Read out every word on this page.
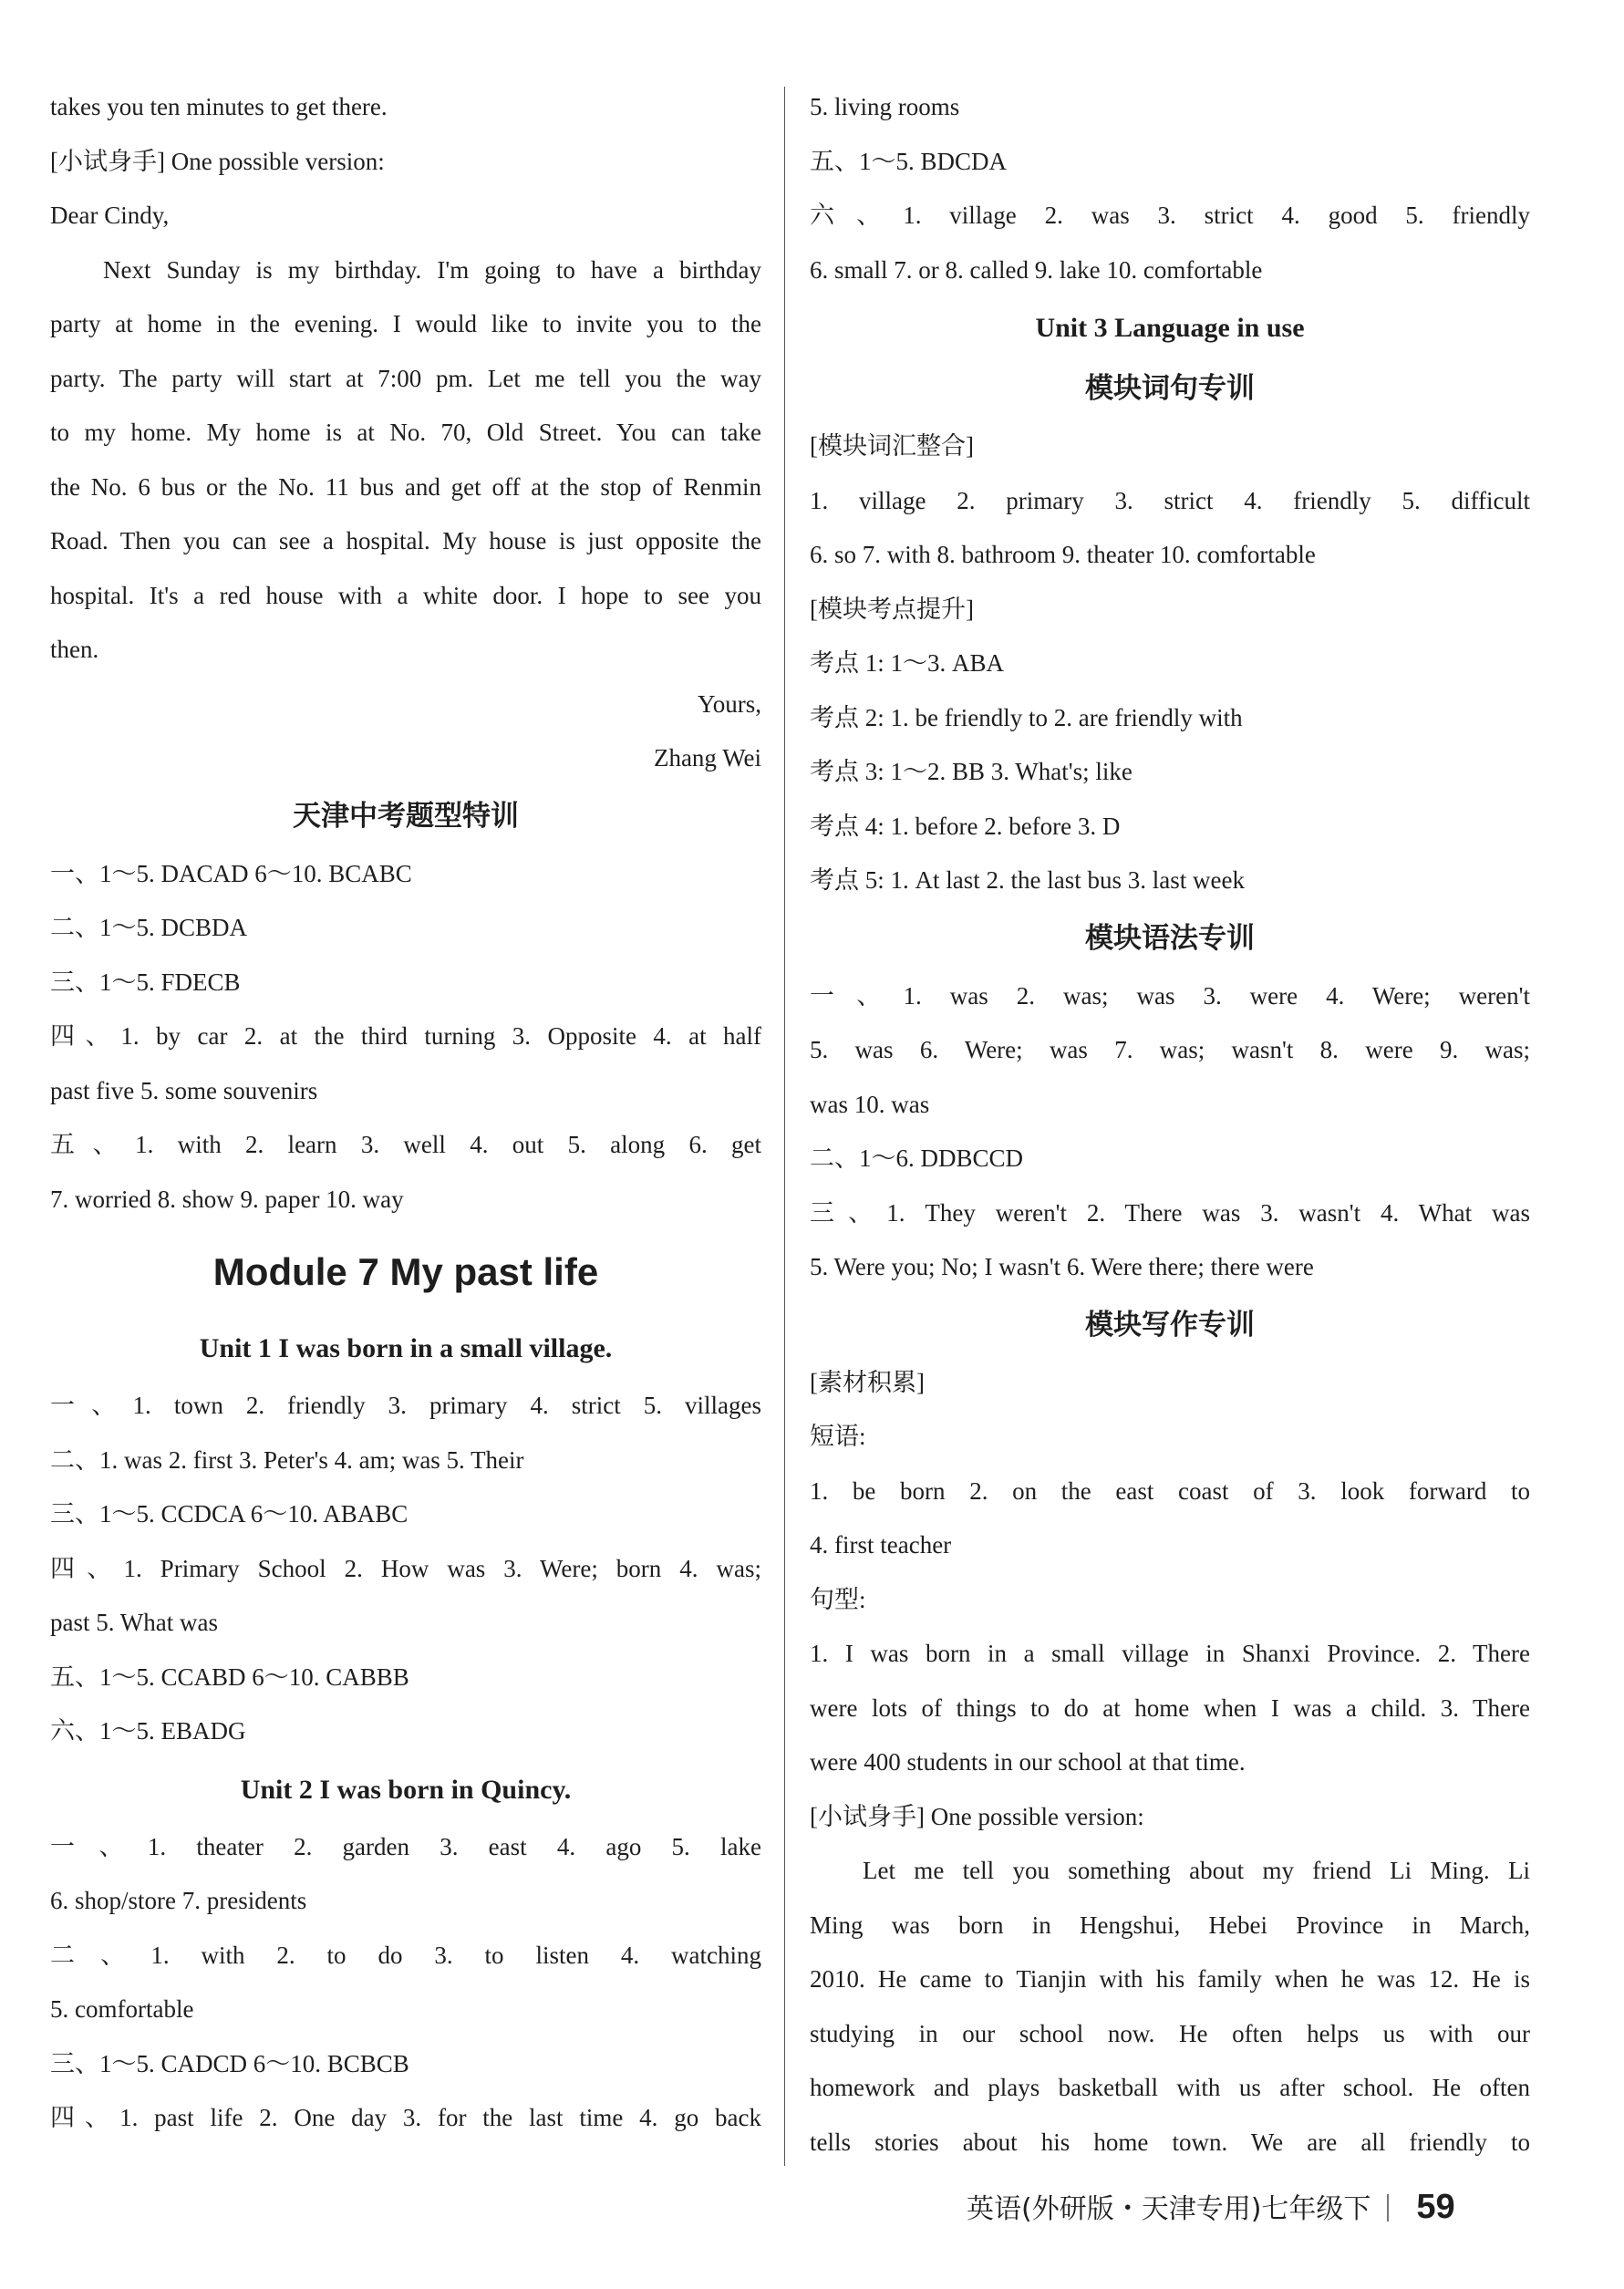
takes you ten minutes to get there.
[小试身手] One possible version:
Dear Cindy,
Next Sunday is my birthday. I'm going to have a birthday
party at home in the evening. I would like to invite you to the
party. The party will start at 7:00 pm. Let me tell you the way
to my home. My home is at No. 70, Old Street. You can take
the No. 6 bus or the No. 11 bus and get off at the stop of Renmin
Road. Then you can see a hospital. My house is just opposite the
hospital. It's a red house with a white door. I hope to see you
then.
Yours,
Zhang Wei
天津中考题型特训
一、1～5. DACAD 6～10. BCABC
二、1～5. DCBDA
三、1～5. FDECB
四、1. by car 2. at the third turning 3. Opposite 4. at half
past five 5. some souvenirs
五、1. with 2. learn 3. well 4. out 5. along 6. get
7. worried 8. show 9. paper 10. way
Module 7 My past life
Unit 1 I was born in a small village.
一、1. town 2. friendly 3. primary 4. strict 5. villages
二、1. was 2. first 3. Peter's 4. am; was 5. Their
三、1～5. CCDCA 6～10. ABABC
四、1. Primary School 2. How was 3. Were; born 4. was;
past 5. What was
五、1～5. CCABD 6～10. CABBB
六、1～5. EBADG
Unit 2 I was born in Quincy.
一、1. theater 2. garden 3. east 4. ago 5. lake
6. shop/store 7. presidents
二、1. with 2. to do 3. to listen 4. watching
5. comfortable
三、1～5. CADCD 6～10. BCBCB
四、1. past life 2. One day 3. for the last time 4. go back
5. living rooms
五、1～5. BDCDA
六、1. village 2. was 3. strict 4. good 5. friendly
6. small 7. or 8. called 9. lake 10. comfortable
Unit 3 Language in use
模块词句专训
[模块词汇整合]
1. village 2. primary 3. strict 4. friendly 5. difficult
6. so 7. with 8. bathroom 9. theater 10. comfortable
[模块考点提升]
考点 1: 1～3. ABA
考点 2: 1. be friendly to 2. are friendly with
考点 3: 1～2. BB 3. What's; like
考点 4: 1. before 2. before 3. D
考点 5: 1. At last 2. the last bus 3. last week
模块语法专训
一、1. was 2. was; was 3. were 4. Were; weren't
5. was 6. Were; was 7. was; wasn't 8. were 9. was;
was 10. was
二、1～6. DDBCCD
三、1. They weren't 2. There was 3. wasn't 4. What was
5. Were you; No; I wasn't 6. Were there; there were
模块写作专训
[素材积累]
短语:
1. be born 2. on the east coast of 3. look forward to
4. first teacher
句型:
1. I was born in a small village in Shanxi Province. 2. There
were lots of things to do at home when I was a child. 3. There
were 400 students in our school at that time.
[小试身手] One possible version:
Let me tell you something about my friend Li Ming. Li
Ming was born in Hengshui, Hebei Province in March,
2010. He came to Tianjin with his family when he was 12. He is
studying in our school now. He often helps us with our
homework and plays basketball with us after school. He often
tells stories about his home town. We are all friendly to
英语(外研版・天津专用)七年级下 59
